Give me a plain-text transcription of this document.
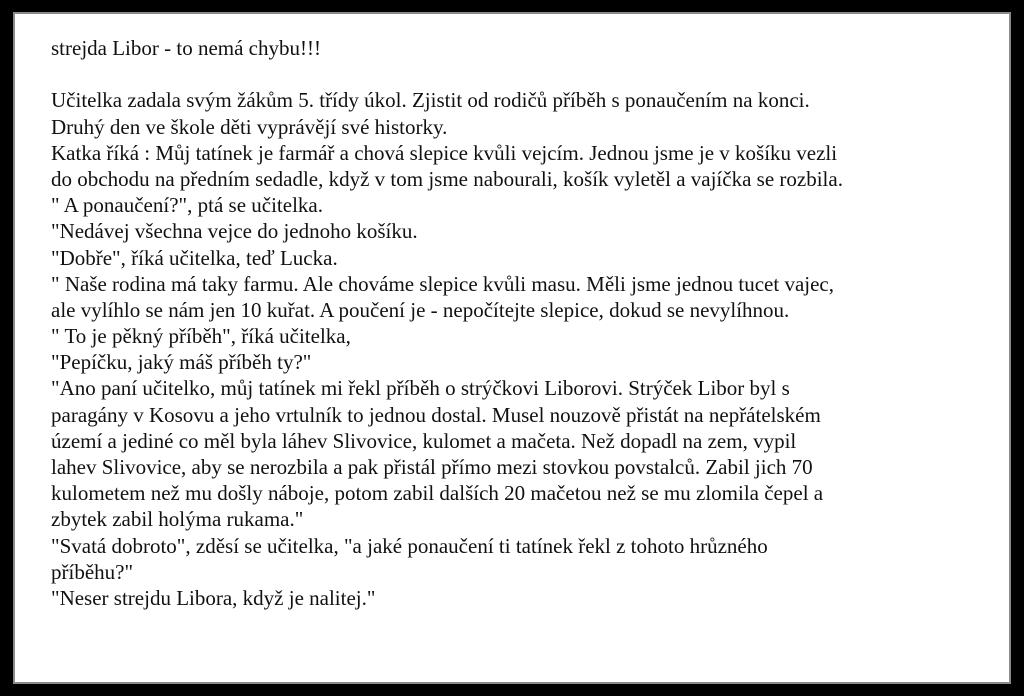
strejda Libor - to nemá chybu!!!
Učitelka zadala svým žákům 5. třídy úkol. Zjistit od rodičů příběh s ponaučením na konci.
Druhý den ve škole děti vyprávějí své historky.
Katka říká : Můj tatínek je farmář a chová slepice kvůli vejcím. Jednou jsme je v košíku vezli
do obchodu na předním sedadle, když v tom jsme nabourali, košík vyletěl a vajíčka se rozbila.
" A ponaučení?", ptá se učitelka.
"Nedávej všechna vejce do jednoho košíku.
"Dobře", říká učitelka, teď Lucka.
" Naše rodina má taky farmu. Ale chováme slepice kvůli masu. Měli jsme jednou tucet vajec,
ale vylíhlo se nám jen 10 kuřat. A poučení je - nepočítejte slepice, dokud se nevylíhnou.
" To je pěkný příběh", říká učitelka,
"Pepíčku, jaký máš příběh ty?"
"Ano paní učitelko, můj tatínek mi řekl příběh o strýčkovi Liborovi. Strýček Libor byl s
paragány v Kosovu a jeho vrtulník to jednou dostal. Musel nouzově přistát na nepřátelském
území a jediné co měl byla láhev Slivovice, kulomet a mačeta. Než dopadl na zem, vypil
lahev Slivovice, aby se nerozbila a pak přistál přímo mezi stovkou povstalců. Zabil jich 70
kulometem než mu došly náboje, potom zabil dalších 20 mačetou než se mu zlomila čepel a
zbytek zabil holýma rukama."
"Svatá dobroto", zděsí se učitelka, "a jaké ponaučení ti tatínek řekl z tohoto hrůzného
příběhu?"
"Neser strejdu Libora, když je nalitej."
